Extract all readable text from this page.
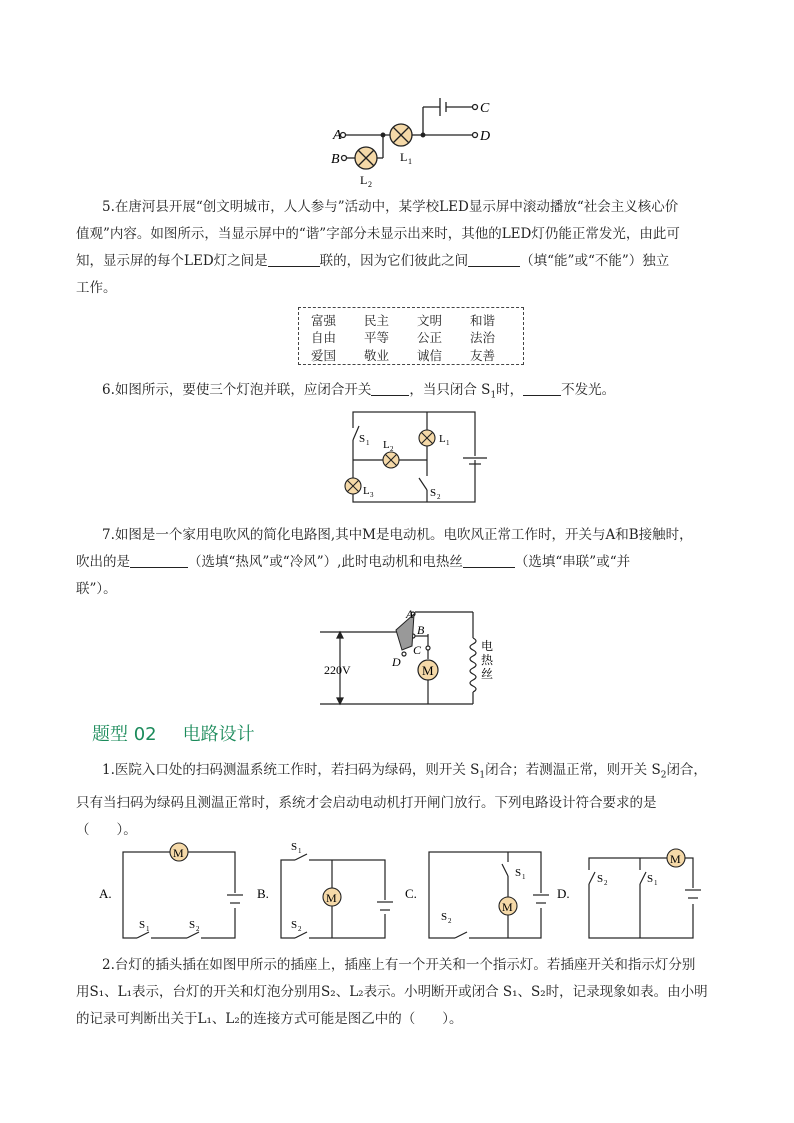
A
B
C
D
L 1
L 2
5.在唐河县开展“创文明城市，人人参与”活动中，某学校LED显示屏中滚动播放“社会主义核心价
值观”内容。如图所示，当显示屏中的“谐”字部分未显示出来时，其他的LED灯仍能正常发光，由此可
知，显示屏的每个LED灯之间是	联的，因为它们彼此之间	（填“能”或“不能”）独立
工作。
富强	民主	文明	和谐
自由	平等	公正	法治
爱国	敬业	诚信	友善
6.如图所示，要使三个灯泡并联，应闭合开关	，当只闭合 $S_1$时，	不发光。
S 1 L 2
L 1
L 3	S 2
7.如图是一个家用电吹风的简化电路图,其中M是电动机。电吹风正常工作时，开关与A和B接触时，
吹出的是	（选填“热风”或“冷风”）,此时电动机和电热丝	（选填“串联”或“并
联”）。
A
B
C
D
M
220V
电
热
丝
题型 02 电路设计
1.医院入口处的扫码测温系统工作时，若扫码为绿码，则开关 $S_1$闭合；若测温正常，则开关 $S_2$闭合，
只有当扫码为绿码且测温正常时，系统才会启动电动机打开闸门放行。下列电路设计符合要求的是
（　　）。
M
M
M
M
A.	B.	C.	D.
S 1	S 2
S 1
S 2
S 1
S 2
S 2	S 1
2.台灯的插头插在如图甲所示的插座上，插座上有一个开关和一个指示灯。若插座开关和指示灯分别
用S₁、L₁表示，台灯的开关和灯泡分别用S₂、L₂表示。小明断开或闭合 S₁、S₂时，记录现象如表。由小明
的记录可判断出关于L₁、L₂的连接方式可能是图乙中的（　　）。
